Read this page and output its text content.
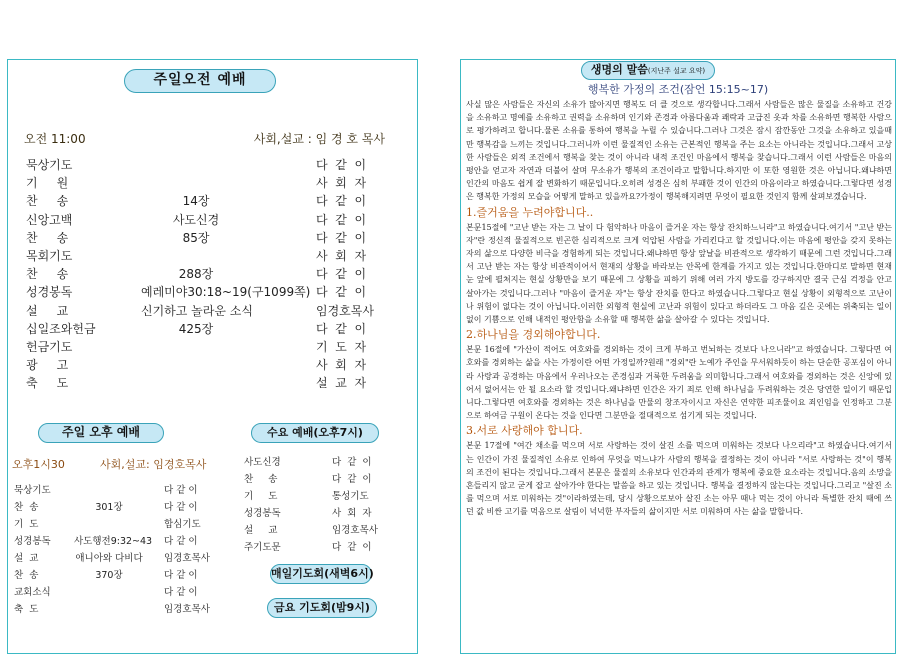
주일오전 예배
오전 11:00	사회,설교 : 임 경 호 목사
묵상기도	다  같  이
기     원	사  회  자
찬     송	14장	다  같  이
신앙고백	사도신경	다  같  이
찬     송	85장	다  같  이
목회기도	사  회  자
찬     송	288장	다  같  이
성경봉독	예레미야30:18~19(구1099쪽) 다  같  이
설     교	신기하고 놀라운 소식	임경호목사
십일조와헌금	425장	다  같  이
헌금기도	기  도  자
광     고	사  회  자
축     도	설  교  자
주일 오후 예배	수요 예배(오후7시)
오후1시30	사회,설교: 임경호목사
묵상기도	다 같 이
찬  송	301장	다 같 이
기  도	합심기도
성경봉독 사도행전9:32~43 다 같 이
설  교	애니아와 다비다 임경호목사
찬  송	370장	다 같 이
교회소식	다 같 이
축  도	임경호목사
사도신경	다  같  이
찬     송	다  같  이
기     도	통성기도
성경봉독	사  회  자
설     교	임경호목사
주기도문	다  같  이
매일기도회(새벽6시)
금요 기도회(밤9시)
생명의 말씀(지난주 설교 요약)
행복한 가정의 조건(잠언 15:15~17)

사실 많은 사람들은 자신의 소유가 많아지면 행복도 더 클 것으로 생각합니다.그래서 사람들은 많은 물질을 소유하고 건강을 소유하고 명예를 소유하고 권력을 소유하며 인기와 존경과 아름다움과 쾌락과 고급진 옷과 차를 소유하면 행복한 사람으로 평가하려고 합니다.물론 소유를 통하여 행복을 누릴 수 있습니다.그러나 그것은 잠시 잠깐동안 그것을 소유하고 있을때만 행복감을 느끼는 것입니다.그러니까 이런 물질적인 소유는 근본적인 행복을 주는 요소는 아니라는 것입니다.그래서 고상한 사람들은 외적 조건에서 행복을 찾는 것이 아니라 내적 조건인 마음에서 행복을 찾습니다.그래서 이런 사람들은 마음의 평안을 얻고자 자연과 더불어 살며 무소유가 행복의 조건이라고 말합니다.하지만 이 또한 영원한 것은 아닙니다.왜냐하면 인간의 마음도 쉽게 잘 변화하기 때문입니다.오히려 성경은 심히 부패한 것이 인간의 마음이라고 하였습니다.그렇다면 성경은 행복한 가정의 모습을 어떻게 말하고 있을까요?가정이 행복해지려면 무엇이 필요한 것인지 함께 살펴보겠습니다.

1.즐거움을 누려야합니다..

본문15절에 "고난 받는 자는 그 날이 다 험악하나 마음이 즐거운 자는 항상 잔치하느니라"고 하였습니다.여기서 "고난 받는 자"란 정신적 물질적으로 빈곤한 심리적으로 크게 억압된 사람을 가리킨다고 할 것입니다.이는 마음에 평안을 갖지 못하는 자의 삶으로 다양한 비극을 경험하게 되는 것입니다.왜냐하면 항상 앞날을 비관적으로 생각하기 때문에 그런 것입니다.그래서 고난 받는 자는 항상 비관적이어서 현재의 상황을 바라보는 안목에 한계를 가지고 있는 것입니다.한마디로 말하면 현재 눈 앞에 펼쳐지는 현실 상황만을 보기 때문에 그 상황을 피하기 위해 여러 가지 방도를 강구하지만 결국 근심 걱정을 안고 살아가는 것입니다.그러나 "마음이 즐거운 자"는 항상 잔치를 한다고 하였습니다.그렇다고 현실 상황이 외형적으로 고난이나 위험이 없다는 것이 아닙니다.이러한 외형적 현실에 고난과 위험이 있다고 하더라도 그 마음 깊은 곳에는 위축되는 일이 없이 기쁨으로 인해 내적인 평안함을 소유할 때 행복한 삶을 살아갈 수 있다는 것입니다.

2.하나님을 경외해야합니다.

본문 16절에 "가산이 적어도 여호와를 경외하는 것이 크게 부하고 번뇌하는 것보다 나으니라"고 하였습니다. 그렇다면 여호와를 경외하는 삶을 사는 가정이란 어떤 가정일까?원래 "경외"란 노예가 주인을 무서워하듯이 하는 단순한 공포심이 아니라 사랑과 공경하는 마음에서 우러나오는 존경심과 거룩한 두려움을 의미합니다.그래서 여호와를 경외하는 것은 신앙에 있어서 없어서는 안 될 요소라 할 것입니다.왜냐하면 인간은 자기 죄로 인해 하나님을 두려워하는 것은 당연한 일이기 때문입니다.그렇다면 여호와를 경외하는 것은 하나님을 만물의 창조자이시고 자신은 연약한 피조물이요 죄인임을 인정하고 그분으로 하여금 구원이 온다는 것을 인다면 그분만을 절대적으로 섬기게 되는 것입니다.

3.서로 사랑해야 합니다.

본문 17절에 "여간 채소를 먹으며 서로 사랑하는 것이 살진 소를 먹으며 미워하는 것보다 나으리라"고 하였습니다.여기서는 인간이 가진 물질적인 소유로 인하여 무엇을 먹느냐가 사람의 행복을 결정하는 것이 아니라 "서로 사랑하는 것"이 행복의 조건이 된다는 것입니다.그래서 본문은 물질의 소유보다 인간과의 관계가 행복에 중요한 요소라는 것입니다.음의 소망을 흔들리지 않고 굳게 잡고 살아가야 한다는 말씀을 하고 있는 것입니다. 행복을 결정하지 않는다는 것입니다.그리고 "살진 소를 먹으며 서로 미워하는 것"이라하였는데, 당시 상황으로보아 살진 소는 아무 때나 먹는 것이 아니라 특별한 잔치 때에 쓰던 값 비싼 고기를 먹음으로 살림이 넉넉한 부자들의 삶이지만 서로 미워하며 사는 삶을 말합니다.
